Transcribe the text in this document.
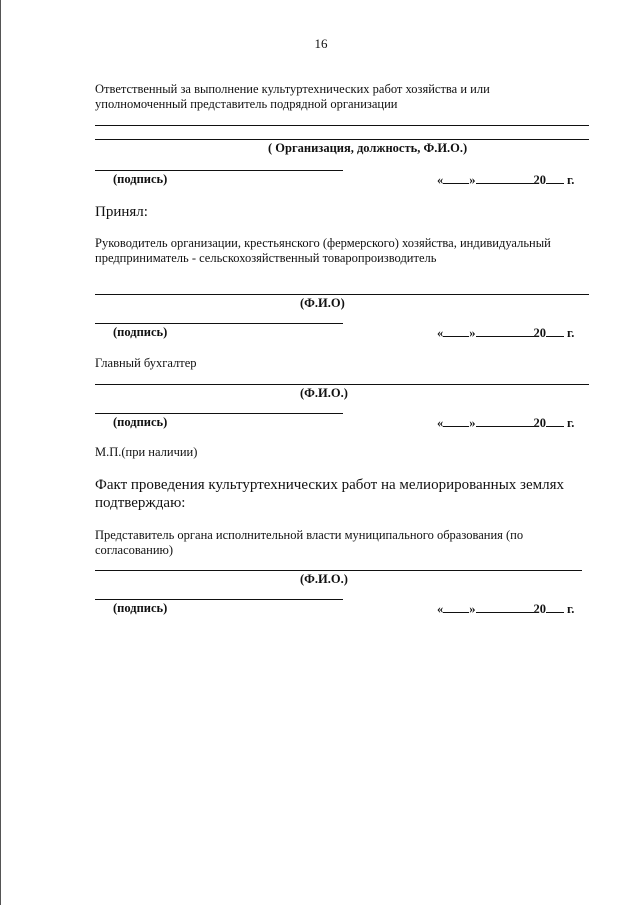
16
Ответственный за выполнение культуртехнических работ хозяйства и или
уполномоченный представитель подрядной организации
( Организация, должность, Ф.И.О.)
(подпись)	« »	20 г.
Принял:
Руководитель организации, крестьянского (фермерского) хозяйства, индивидуальный
предприниматель - сельскохозяйственный товаропроизводитель
(Ф.И.О)
(подпись)	« »	20 г.
Главный бухгалтер
(Ф.И.О.)
(подпись)	« »	20 г.
М.П.(при наличии)
Факт проведения культуртехнических работ на мелиорированных землях
подтверждаю:
Представитель органа исполнительной власти муниципального образования (по
согласованию)
(Ф.И.О.)
(подпись)	« »	20 г.
